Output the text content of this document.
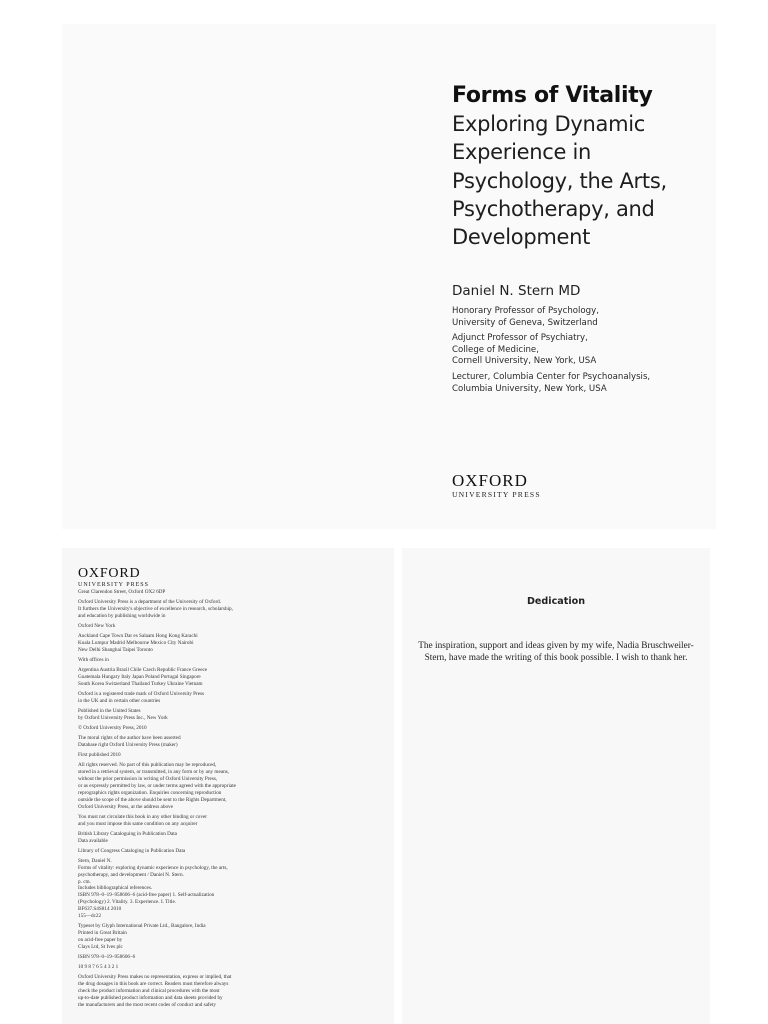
Forms of Vitality
Exploring Dynamic
Experience in
Psychology, the Arts,
Psychotherapy, and
Development
Daniel N. Stern MD
Honorary Professor of Psychology,
University of Geneva, Switzerland
Adjunct Professor of Psychiatry,
College of Medicine,
Cornell University, New York, USA
Lecturer, Columbia Center for Psychoanalysis,
Columbia University, New York, USA
OXFORD
UNIVERSITY PRESS
OXFORD
UNIVERSITY PRESS

Great Clarendon Street, Oxford OX2 6DP

Oxford University Press is a department of the University of Oxford.
It furthers the University's objective of excellence in research, scholarship,
and education by publishing worldwide in

Oxford New York

Auckland Cape Town Dar es Salaam Hong Kong Karachi
Kuala Lumpur Madrid Melbourne Mexico City Nairobi
New Delhi Shanghai Taipei Toronto

With offices in

Argentina Austria Brazil Chile Czech Republic France Greece
Guatemala Hungary Italy Japan Poland Portugal Singapore
South Korea Switzerland Thailand Turkey Ukraine Vietnam

Oxford is a registered trade mark of Oxford University Press
in the UK and in certain other countries

Published in the United States
by Oxford University Press Inc., New York

© Oxford University Press, 2010

The moral rights of the author have been asserted
Database right Oxford University Press (maker)

First published 2010

All rights reserved. No part of this publication may be reproduced,
stored in a retrieval system, or transmitted, in any form or by any means,
without the prior permission in writing of Oxford University Press,
or as expressly permitted by law, or under terms agreed with the appropriate
reprographics rights organization. Enquiries concerning reproduction
outside the scope of the above should be sent to the Rights Department,
Oxford University Press, at the address above

You must not circulate this book in any other binding or cover
and you must impose this same condition on any acquirer

British Library Cataloguing in Publication Data
Data available

Library of Congress Cataloging in Publication Data

Stern, Daniel N.
Forms of vitality: exploring dynamic experience in psychology, the arts,
psychotherapy, and development / Daniel N. Stern.
p. cm.
Includes bibliographical references.
ISBN 978–0–19–958606–6 (acid-free paper) 1. Self-actualization
(Psychology) 2. Vitality. 3. Experience. I. Title.
BF637.S4S814 2010
155—dc22

Typeset by Glyph International Private Ltd., Bangalore, India
Printed in Great Britain
on acid-free paper by
Clays Ltd, St Ives plc

ISBN 978–0–19–958606–6

10 9 8 7 6 5 4 3 2 1

Oxford University Press makes no representation, express or implied, that
the drug dosages in this book are correct. Readers must therefore always
check the product information and clinical procedures with the most
up-to-date published product information and data sheets provided by
the manufacturers and the most recent codes of conduct and safety

Dedication
The inspiration, support and ideas given by my wife, Nadia Bruschweiler-Stern, have made the writing of this book possible. I wish to thank her.
